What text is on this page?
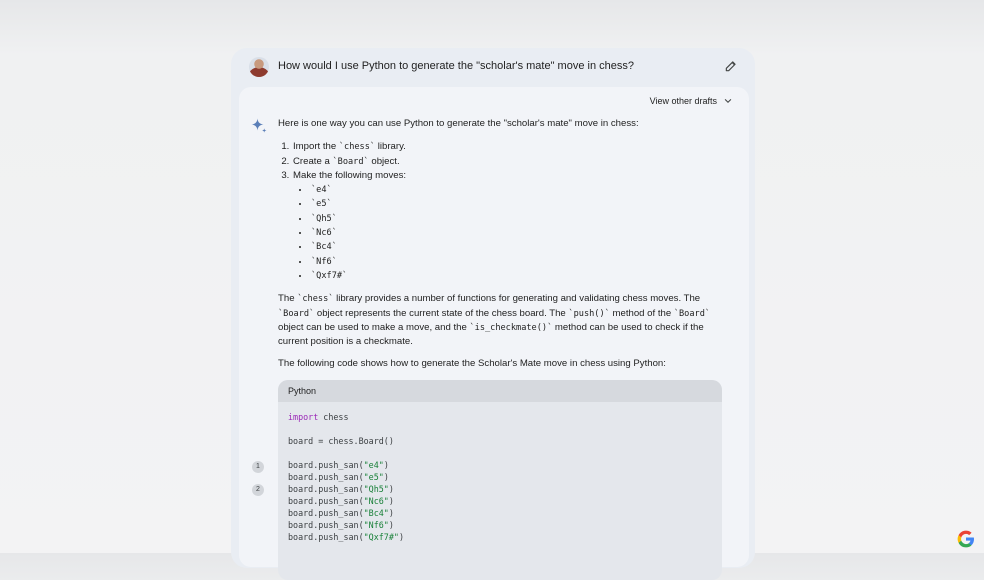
How would I use Python to generate the "scholar's mate" move in chess?
View other drafts

Here is one way you can use Python to generate the "scholar's mate" move in chess:

1. Import the `chess` library.
2. Create a `Board` object.
3. Make the following moves:
• `e4`
• `e5`
• `Qh5`
• `Nc6`
• `Bc4`
• `Nf6`
• `Qxf7#`

The `chess` library provides a number of functions for generating and validating chess moves. The `Board` object represents the current state of the chess board. The `push()` method of the `Board` object can be used to make a move, and the `is_checkmate()` method can be used to check if the current position is a checkmate.

The following code shows how to generate the Scholar's Mate move in chess using Python:

Python
import chess
board = chess.Board()
board.push_san("e4")
board.push_san("e5")
board.push_san("Qh5")
board.push_san("Nc6")
board.push_san("Bc4")
board.push_san("Nf6")
board.push_san("Qxf7#")
1
2
